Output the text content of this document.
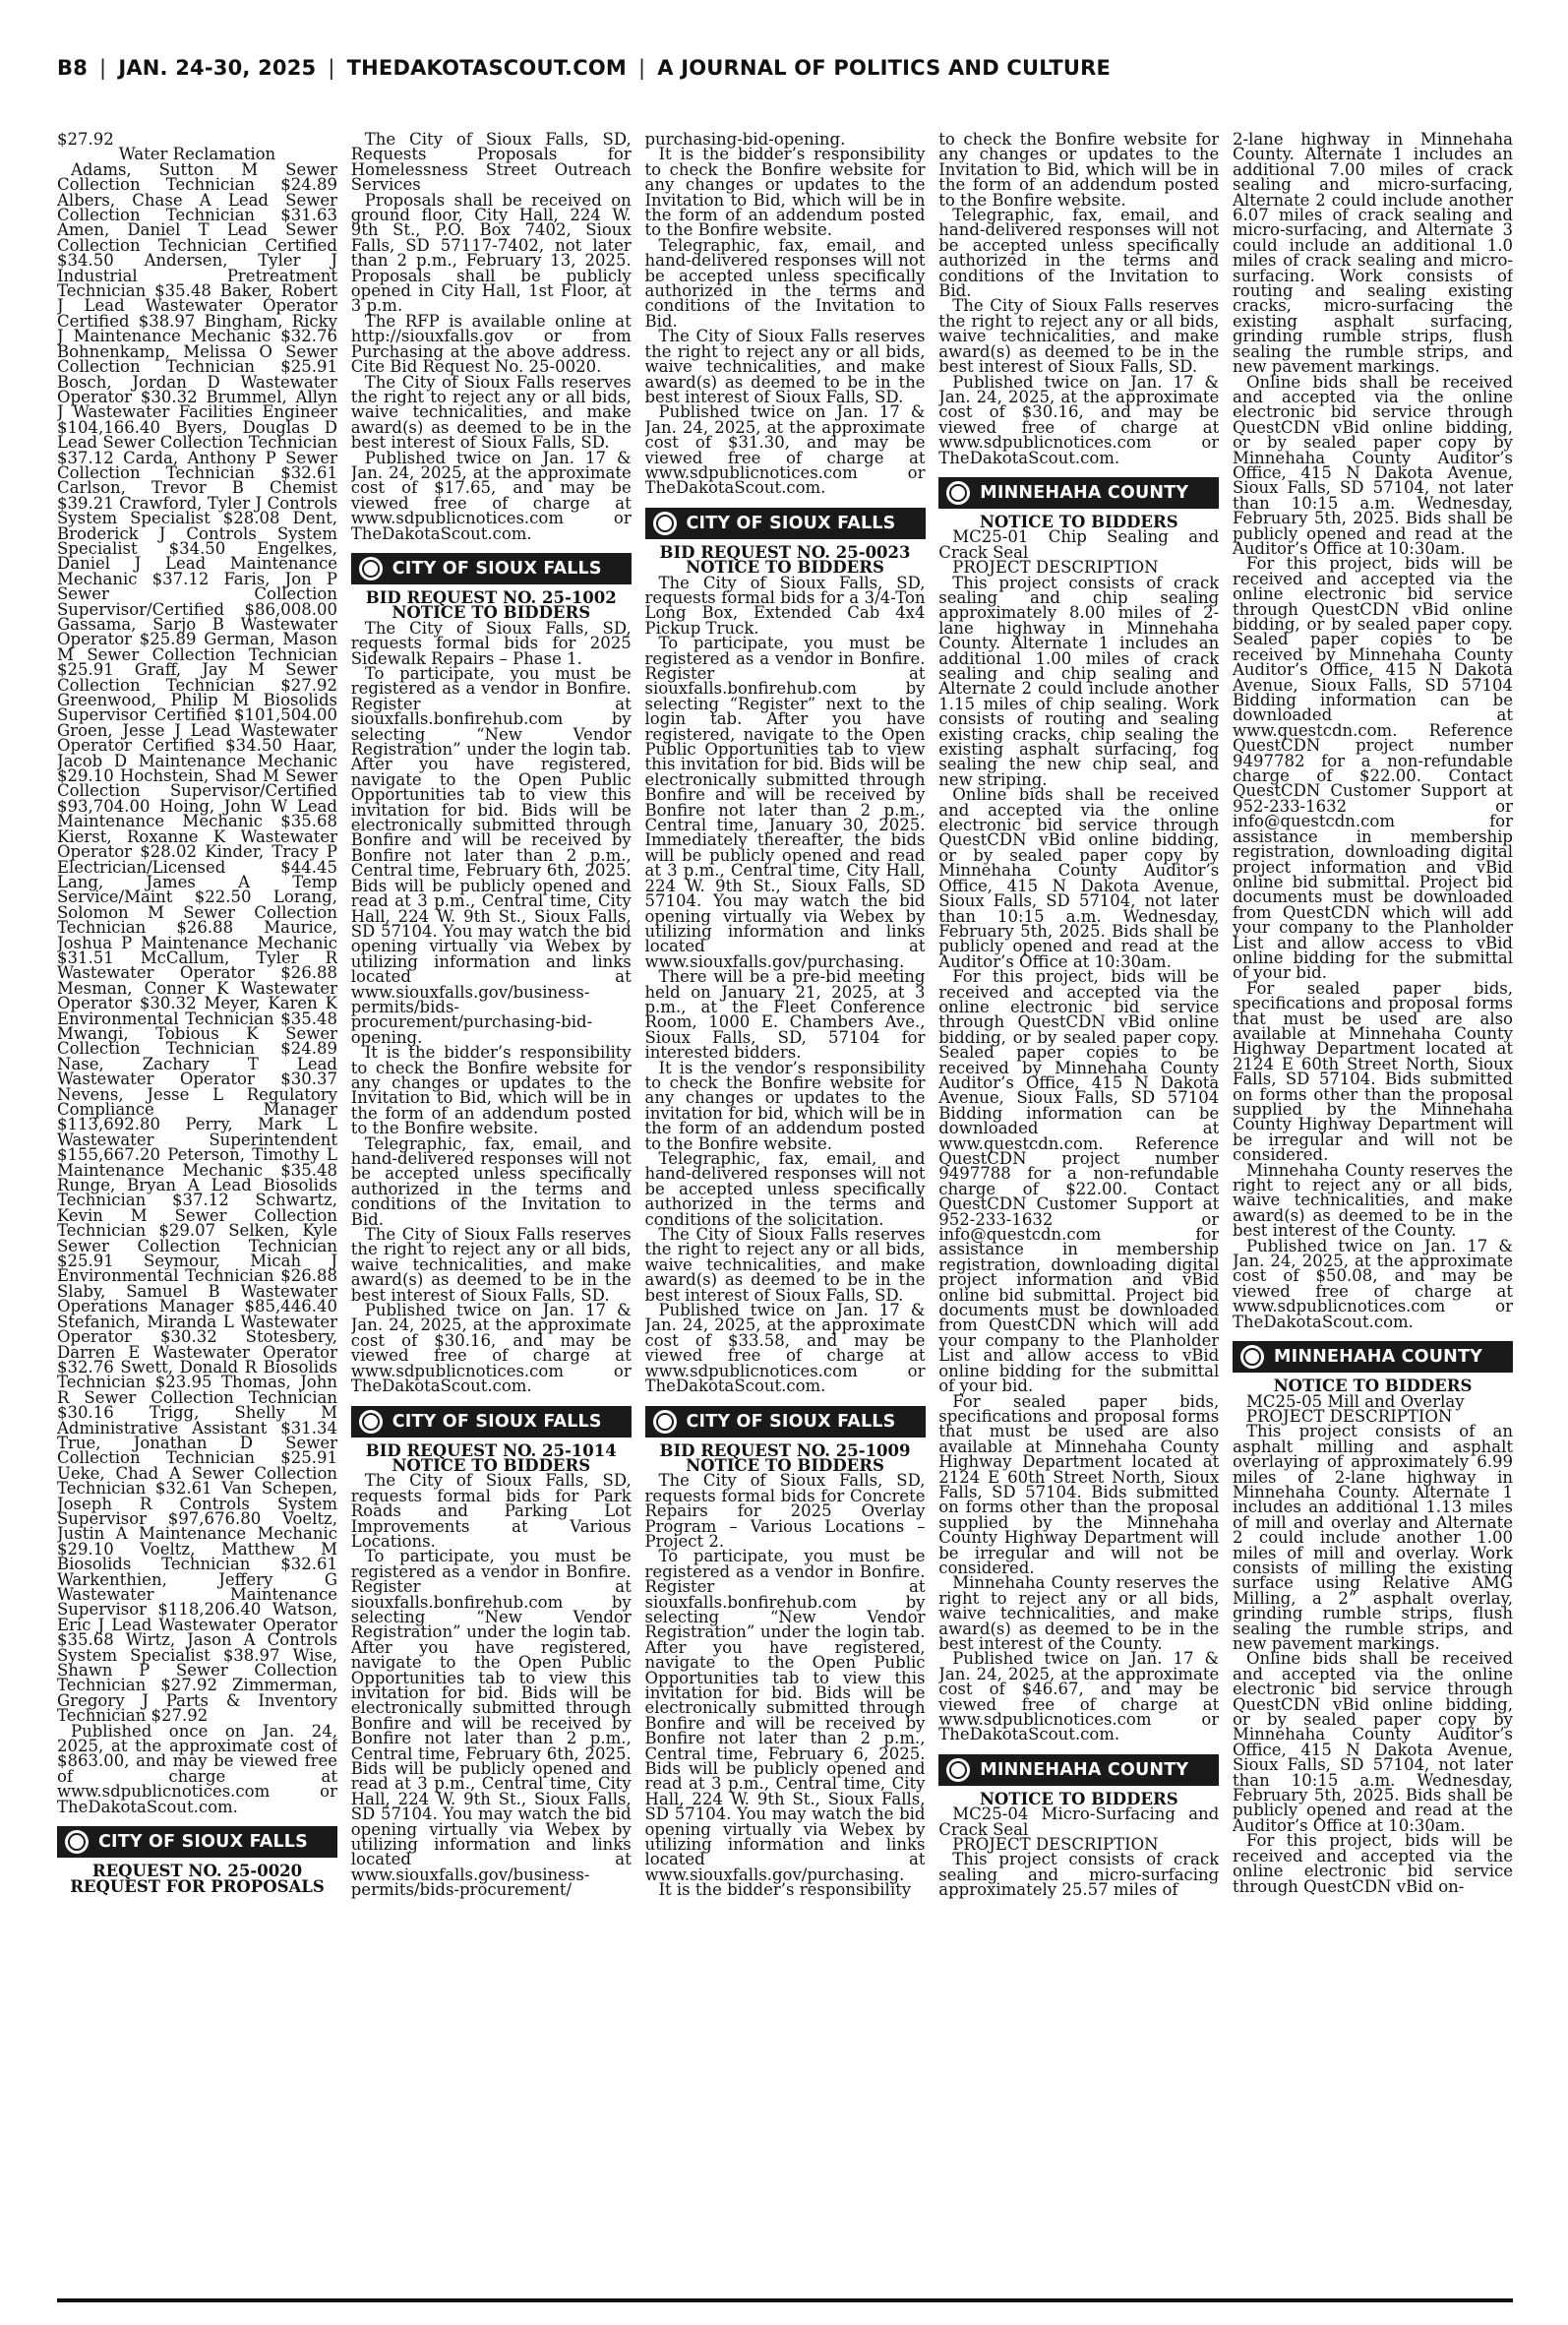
B8 | JAN. 24-30, 2025 | THEDAKOTASCOUT.COM | A JOURNAL OF POLITICS AND CULTURE

$27.92

Water Reclamation

Adams, Sutton M Sewer Collection Technician $24.89 Albers, Chase A Lead Sewer Collection Technician $31.63 Amen, Daniel T Lead Sewer Collection Technician Certified $34.50 Andersen, Tyler J Industrial Pretreatment Technician $35.48 Baker, Robert J Lead Wastewater Operator Certified $38.97 Bingham, Ricky J Maintenance Mechanic $32.76 Bohnenkamp, Melissa O Sewer Collection Technician $25.91 Bosch, Jordan D Wastewater Operator $30.32 Brummel, Allyn J Wastewater Facilities Engineer $104,166.40 Byers, Douglas D Lead Sewer Collection Technician $37.12 Carda, Anthony P Sewer Collection Technician $32.61 Carlson, Trevor B Chemist $39.21 Crawford, Tyler J Controls System Specialist $28.08 Dent, Broderick J Controls System Specialist $34.50 Engelkes, Daniel J Lead Maintenance Mechanic $37.12 Faris, Jon P Sewer Collection Supervisor/Certified $86,008.00 Gassama, Sarjo B Wastewater Operator $25.89 German, Mason M Sewer Collection Technician $25.91 Graff, Jay M Sewer Collection Technician $27.92 Greenwood, Philip M Biosolids Supervisor Certified $101,504.00 Groen, Jesse J Lead Wastewater Operator Certified $34.50 Haar, Jacob D Maintenance Mechanic $29.10 Hochstein, Shad M Sewer Collection Supervisor/Certified $93,704.00 Hoing, John W Lead Maintenance Mechanic $35.68 Kierst, Roxanne K Wastewater Operator $28.02 Kinder, Tracy P Electrician/Licensed $44.45 Lang, James A Temp Service/Maint $22.50 Lorang, Solomon M Sewer Collection Technician $26.88 Maurice, Joshua P Maintenance Mechanic $31.51 McCallum, Tyler R Wastewater Operator $26.88 Mesman, Conner K Wastewater Operator $30.32 Meyer, Karen K Environmental Technician $35.48 Mwangi, Tobious K Sewer Collection Technician $24.89 Nase, Zachary T Lead Wastewater Operator $30.37 Nevens, Jesse L Regulatory Compliance Manager $113,692.80 Perry, Mark L Wastewater Superintendent $155,667.20 Peterson, Timothy L Maintenance Mechanic $35.48 Runge, Bryan A Lead Biosolids Technician $37.12 Schwartz, Kevin M Sewer Collection Technician $29.07 Selken, Kyle Sewer Collection Technician $25.91 Seymour, Micah J Environmental Technician $26.88 Slaby, Samuel B Wastewater Operations Manager $85,446.40 Stefanich, Miranda L Wastewater Operator $30.32 Stotesbery, Darren E Wastewater Operator $32.76 Swett, Donald R Biosolids Technician $23.95 Thomas, John R Sewer Collection Technician $30.16 Trigg, Shelly M Administrative Assistant $31.34 True, Jonathan D Sewer Collection Technician $25.91 Ueke, Chad A Sewer Collection Technician $32.61 Van Schepen, Joseph R Controls System Supervisor $97,676.80 Voeltz, Justin A Maintenance Mechanic $29.10 Voeltz, Matthew M Biosolids Technician $32.61 Warkenthien, Jeffery G Wastewater Maintenance Supervisor $118,206.40 Watson, Eric J Lead Wastewater Operator $35.68 Wirtz, Jason A Controls System Specialist $38.97 Wise, Shawn P Sewer Collection Technician $27.92 Zimmerman, Gregory J Parts & Inventory Technician $27.92

Published once on Jan. 24, 2025, at the approximate cost of $863.00, and may be viewed free of charge at www.sdpublicnotices.com or TheDakotaScout.com.

CITY OF SIOUX FALLS

REQUEST NO. 25-0020

REQUEST FOR PROPOSALS

The City of Sioux Falls, SD, Requests Proposals for Homelessness Street Outreach Services

Proposals shall be received on ground floor, City Hall, 224 W. 9th St., P.O. Box 7402, Sioux Falls, SD 57117-7402, not later than 2 p.m., February 13, 2025. Proposals shall be publicly opened in City Hall, 1st Floor, at 3 p.m.

The RFP is available online at http://siouxfalls.gov or from Purchasing at the above address. Cite Bid Request No. 25-0020.

The City of Sioux Falls reserves the right to reject any or all bids, waive technicalities, and make award(s) as deemed to be in the best interest of Sioux Falls, SD.

Published twice on Jan. 17 & Jan. 24, 2025, at the approximate cost of $17.65, and may be viewed free of charge at www.sdpublicnotices.com or TheDakotaScout.com.

CITY OF SIOUX FALLS

BID REQUEST NO. 25-1002

NOTICE TO BIDDERS

The City of Sioux Falls, SD, requests formal bids for 2025 Sidewalk Repairs – Phase 1.

To participate, you must be registered as a vendor in Bonfire. Register at siouxfalls.bonfirehub.com by selecting “New Vendor Registration” under the login tab. After you have registered, navigate to the Open Public Opportunities tab to view this invitation for bid. Bids will be electronically submitted through Bonfire and will be received by Bonfire not later than 2 p.m., Central time, February 6th, 2025. Bids will be publicly opened and read at 3 p.m., Central time, City Hall, 224 W. 9th St., Sioux Falls, SD 57104. You may watch the bid opening virtually via Webex by utilizing information and links located at www.siouxfalls.gov/business-permits/bids-procurement/purchasing-bid-opening.

It is the bidder’s responsibility to check the Bonfire website for any changes or updates to the Invitation to Bid, which will be in the form of an addendum posted to the Bonfire website.

Telegraphic, fax, email, and hand-delivered responses will not be accepted unless specifically authorized in the terms and conditions of the Invitation to Bid.

The City of Sioux Falls reserves the right to reject any or all bids, waive technicalities, and make award(s) as deemed to be in the best interest of Sioux Falls, SD.

Published twice on Jan. 17 & Jan. 24, 2025, at the approximate cost of $30.16, and may be viewed free of charge at www.sdpublicnotices.com or TheDakotaScout.com.

CITY OF SIOUX FALLS

BID REQUEST NO. 25-1014

NOTICE TO BIDDERS

The City of Sioux Falls, SD, requests formal bids for Park Roads and Parking Lot Improvements at Various Locations.

To participate, you must be registered as a vendor in Bonfire. Register at siouxfalls.bonfirehub.com by selecting “New Vendor Registration” under the login tab. After you have registered, navigate to the Open Public Opportunities tab to view this invitation for bid. Bids will be electronically submitted through Bonfire and will be received by Bonfire not later than 2 p.m., Central time, February 6th, 2025. Bids will be publicly opened and read at 3 p.m., Central time, City Hall, 224 W. 9th St., Sioux Falls, SD 57104. You may watch the bid opening virtually via Webex by utilizing information and links located at www.siouxfalls.gov/business-permits/bids-procurement/

purchasing-bid-opening.

It is the bidder’s responsibility to check the Bonfire website for any changes or updates to the Invitation to Bid, which will be in the form of an addendum posted to the Bonfire website.

Telegraphic, fax, email, and hand-delivered responses will not be accepted unless specifically authorized in the terms and conditions of the Invitation to Bid.

The City of Sioux Falls reserves the right to reject any or all bids, waive technicalities, and make award(s) as deemed to be in the best interest of Sioux Falls, SD.

Published twice on Jan. 17 & Jan. 24, 2025, at the approximate cost of $31.30, and may be viewed free of charge at www.sdpublicnotices.com or TheDakotaScout.com.

CITY OF SIOUX FALLS

BID REQUEST NO. 25-0023

NOTICE TO BIDDERS

The City of Sioux Falls, SD, requests formal bids for a 3/4-Ton Long Box, Extended Cab 4x4 Pickup Truck.

To participate, you must be registered as a vendor in Bonfire. Register at siouxfalls.bonfirehub.com by selecting “Register” next to the login tab. After you have registered, navigate to the Open Public Opportunities tab to view this invitation for bid. Bids will be electronically submitted through Bonfire and will be received by Bonfire not later than 2 p.m., Central time, January 30, 2025. Immediately thereafter, the bids will be publicly opened and read at 3 p.m., Central time, City Hall, 224 W. 9th St., Sioux Falls, SD 57104. You may watch the bid opening virtually via Webex by utilizing information and links located at www.siouxfalls.gov/purchasing.

There will be a pre-bid meeting held on January 21, 2025, at 3 p.m., at the Fleet Conference Room, 1000 E. Chambers Ave., Sioux Falls, SD, 57104 for interested bidders.

It is the vendor’s responsibility to check the Bonfire website for any changes or updates to the invitation for bid, which will be in the form of an addendum posted to the Bonfire website.

Telegraphic, fax, email, and hand-delivered responses will not be accepted unless specifically authorized in the terms and conditions of the solicitation.

The City of Sioux Falls reserves the right to reject any or all bids, waive technicalities, and make award(s) as deemed to be in the best interest of Sioux Falls, SD.

Published twice on Jan. 17 & Jan. 24, 2025, at the approximate cost of $33.58, and may be viewed free of charge at www.sdpublicnotices.com or TheDakotaScout.com.

CITY OF SIOUX FALLS

BID REQUEST NO. 25-1009

NOTICE TO BIDDERS

The City of Sioux Falls, SD, requests formal bids for Concrete Repairs for 2025 Overlay Program – Various Locations – Project 2.

To participate, you must be registered as a vendor in Bonfire. Register at siouxfalls.bonfirehub.com by selecting “New Vendor Registration” under the login tab. After you have registered, navigate to the Open Public Opportunities tab to view this invitation for bid. Bids will be electronically submitted through Bonfire and will be received by Bonfire not later than 2 p.m., Central time, February 6, 2025. Bids will be publicly opened and read at 3 p.m., Central time, City Hall, 224 W. 9th St., Sioux Falls, SD 57104. You may watch the bid opening virtually via Webex by utilizing information and links located at www.siouxfalls.gov/purchasing.

It is the bidder’s responsibility

to check the Bonfire website for any changes or updates to the Invitation to Bid, which will be in the form of an addendum posted to the Bonfire website.

Telegraphic, fax, email, and hand-delivered responses will not be accepted unless specifically authorized in the terms and conditions of the Invitation to Bid.

The City of Sioux Falls reserves the right to reject any or all bids, waive technicalities, and make award(s) as deemed to be in the best interest of Sioux Falls, SD.

Published twice on Jan. 17 & Jan. 24, 2025, at the approximate cost of $30.16, and may be viewed free of charge at www.sdpublicnotices.com or TheDakotaScout.com.

MINNEHAHA COUNTY

NOTICE TO BIDDERS

MC25-01 Chip Sealing and Crack Seal

PROJECT DESCRIPTION

This project consists of crack sealing and chip sealing approximately 8.00 miles of 2-lane highway in Minnehaha County. Alternate 1 includes an additional 1.00 miles of crack sealing and chip sealing and Alternate 2 could include another 1.15 miles of chip sealing. Work consists of routing and sealing existing cracks, chip sealing the existing asphalt surfacing, fog sealing the new chip seal, and new striping.

Online bids shall be received and accepted via the online electronic bid service through QuestCDN vBid online bidding, or by sealed paper copy by Minnehaha County Auditor’s Office, 415 N Dakota Avenue, Sioux Falls, SD 57104, not later than 10:15 a.m. Wednesday, February 5th, 2025. Bids shall be publicly opened and read at the Auditor’s Office at 10:30am.

For this project, bids will be received and accepted via the online electronic bid service through QuestCDN vBid online bidding, or by sealed paper copy. Sealed paper copies to be received by Minnehaha County Auditor’s Office, 415 N Dakota Avenue, Sioux Falls, SD 57104 Bidding information can be downloaded at www.questcdn.com. Reference QuestCDN project number 9497788 for a non-refundable charge of $22.00. Contact QuestCDN Customer Support at 952-233-1632 or info@questcdn.com for assistance in membership registration, downloading digital project information and vBid online bid submittal. Project bid documents must be downloaded from QuestCDN which will add your company to the Planholder List and allow access to vBid online bidding for the submittal of your bid.

For sealed paper bids, specifications and proposal forms that must be used are also available at Minnehaha County Highway Department located at 2124 E 60th Street North, Sioux Falls, SD 57104. Bids submitted on forms other than the proposal supplied by the Minnehaha County Highway Department will be irregular and will not be considered.

Minnehaha County reserves the right to reject any or all bids, waive technicalities, and make award(s) as deemed to be in the best interest of the County.

Published twice on Jan. 17 & Jan. 24, 2025, at the approximate cost of $46.67, and may be viewed free of charge at www.sdpublicnotices.com or TheDakotaScout.com.

MINNEHAHA COUNTY

NOTICE TO BIDDERS

MC25-04 Micro-Surfacing and Crack Seal

PROJECT DESCRIPTION

This project consists of crack sealing and micro-surfacing approximately 25.57 miles of

2-lane highway in Minnehaha County. Alternate 1 includes an additional 7.00 miles of crack sealing and micro-surfacing, Alternate 2 could include another 6.07 miles of crack sealing and micro-surfacing, and Alternate 3 could include an additional 1.0 miles of crack sealing and micro-surfacing. Work consists of routing and sealing existing cracks, micro-surfacing the existing asphalt surfacing, grinding rumble strips, flush sealing the rumble strips, and new pavement markings.

Online bids shall be received and accepted via the online electronic bid service through QuestCDN vBid online bidding, or by sealed paper copy by Minnehaha County Auditor’s Office, 415 N Dakota Avenue, Sioux Falls, SD 57104, not later than 10:15 a.m. Wednesday, February 5th, 2025. Bids shall be publicly opened and read at the Auditor’s Office at 10:30am.

For this project, bids will be received and accepted via the online electronic bid service through QuestCDN vBid online bidding, or by sealed paper copy. Sealed paper copies to be received by Minnehaha County Auditor’s Office, 415 N Dakota Avenue, Sioux Falls, SD 57104 Bidding information can be downloaded at www.questcdn.com. Reference QuestCDN project number 9497782 for a non-refundable charge of $22.00. Contact QuestCDN Customer Support at 952-233-1632 or info@questcdn.com for assistance in membership registration, downloading digital project information and vBid online bid submittal. Project bid documents must be downloaded from QuestCDN which will add your company to the Planholder List and allow access to vBid online bidding for the submittal of your bid.

For sealed paper bids, specifications and proposal forms that must be used are also available at Minnehaha County Highway Department located at 2124 E 60th Street North, Sioux Falls, SD 57104. Bids submitted on forms other than the proposal supplied by the Minnehaha County Highway Department will be irregular and will not be considered.

Minnehaha County reserves the right to reject any or all bids, waive technicalities, and make award(s) as deemed to be in the best interest of the County.

Published twice on Jan. 17 & Jan. 24, 2025, at the approximate cost of $50.08, and may be viewed free of charge at www.sdpublicnotices.com or TheDakotaScout.com.

MINNEHAHA COUNTY

NOTICE TO BIDDERS

MC25-05 Mill and Overlay

PROJECT DESCRIPTION

This project consists of an asphalt milling and asphalt overlaying of approximately 6.99 miles of 2-lane highway in Minnehaha County. Alternate 1 includes an additional 1.13 miles of mill and overlay and Alternate 2 could include another 1.00 miles of mill and overlay. Work consists of milling the existing surface using Relative AMG Milling, a 2” asphalt overlay, grinding rumble strips, flush sealing the rumble strips, and new pavement markings.

Online bids shall be received and accepted via the online electronic bid service through QuestCDN vBid online bidding, or by sealed paper copy by Minnehaha County Auditor’s Office, 415 N Dakota Avenue, Sioux Falls, SD 57104, not later than 10:15 a.m. Wednesday, February 5th, 2025. Bids shall be publicly opened and read at the Auditor’s Office at 10:30am.

For this project, bids will be received and accepted via the online electronic bid service through QuestCDN vBid on-
